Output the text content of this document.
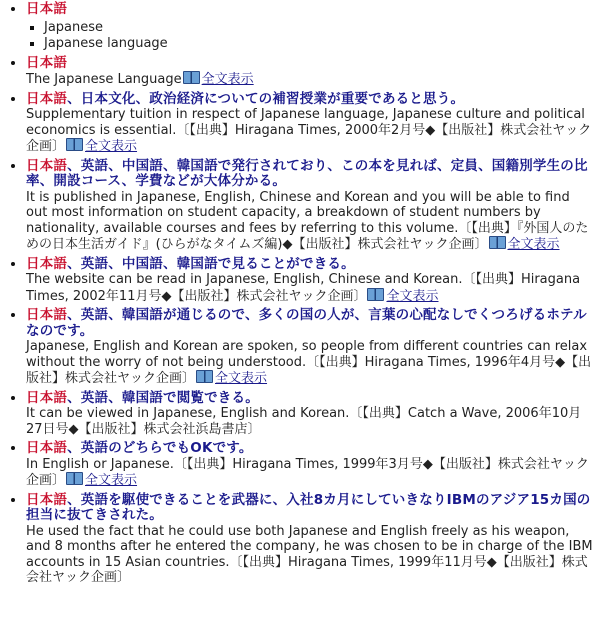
• 日本語
▪ Japanese
▪ Japanese language
• 日本語
The Japanese Language 全文表示
• 日本語、日本文化、政治経済についての補習授業が重要であると思う。
Supplementary tuition in respect of Japanese language, Japanese culture and political economics is essential.〔【出典】Hiragana Times, 2000年2月号◆【出版社】株式会社ヤック企画〕 全文表示
• 日本語、英語、中国語、韓国語で発行されており、この本を見れば、定員、国籍別学生の比率、開設コース、学費などが大体分かる。
It is published in Japanese, English, Chinese and Korean and you will be able to find out most information on student capacity, a breakdown of student numbers by nationality, available courses and fees by referring to this volume.〔【出典】『外国人のための日本生活ガイド』(ひらがなタイムズ編)◆【出版社】株式会社ヤック企画〕 全文表示
• 日本語、英語、中国語、韓国語で見ることができる。
The website can be read in Japanese, English, Chinese and Korean.〔【出典】Hiragana Times, 2002年11月号◆【出版社】株式会社ヤック企画〕 全文表示
• 日本語、英語、韓国語が通じるので、多くの国の人が、言葉の心配なしでくつろげるホテルなのです。
Japanese, English and Korean are spoken, so people from different countries can relax without the worry of not being understood.〔【出典】Hiragana Times, 1996年4月号◆【出版社】株式会社ヤック企画〕 全文表示
• 日本語、英語、韓国語で閲覧できる。
It can be viewed in Japanese, English and Korean.〔【出典】Catch a Wave, 2006年10月27日号◆【出版社】株式会社浜島書店〕
• 日本語、英語のどちらでもOKです。
In English or Japanese.〔【出典】Hiragana Times, 1999年3月号◆【出版社】株式会社ヤック企画〕 全文表示
• 日本語、英語を駆使できることを武器に、入社8カ月にしていきなりIBMのアジア15カ国の担当に抜てきされた。
He used the fact that he could use both Japanese and English freely as his weapon, and 8 months after he entered the company, he was chosen to be in charge of the IBM accounts in 15 Asian countries.〔【出典】Hiragana Times, 1999年11月号◆【出版社】株式会社ヤック企画〕
